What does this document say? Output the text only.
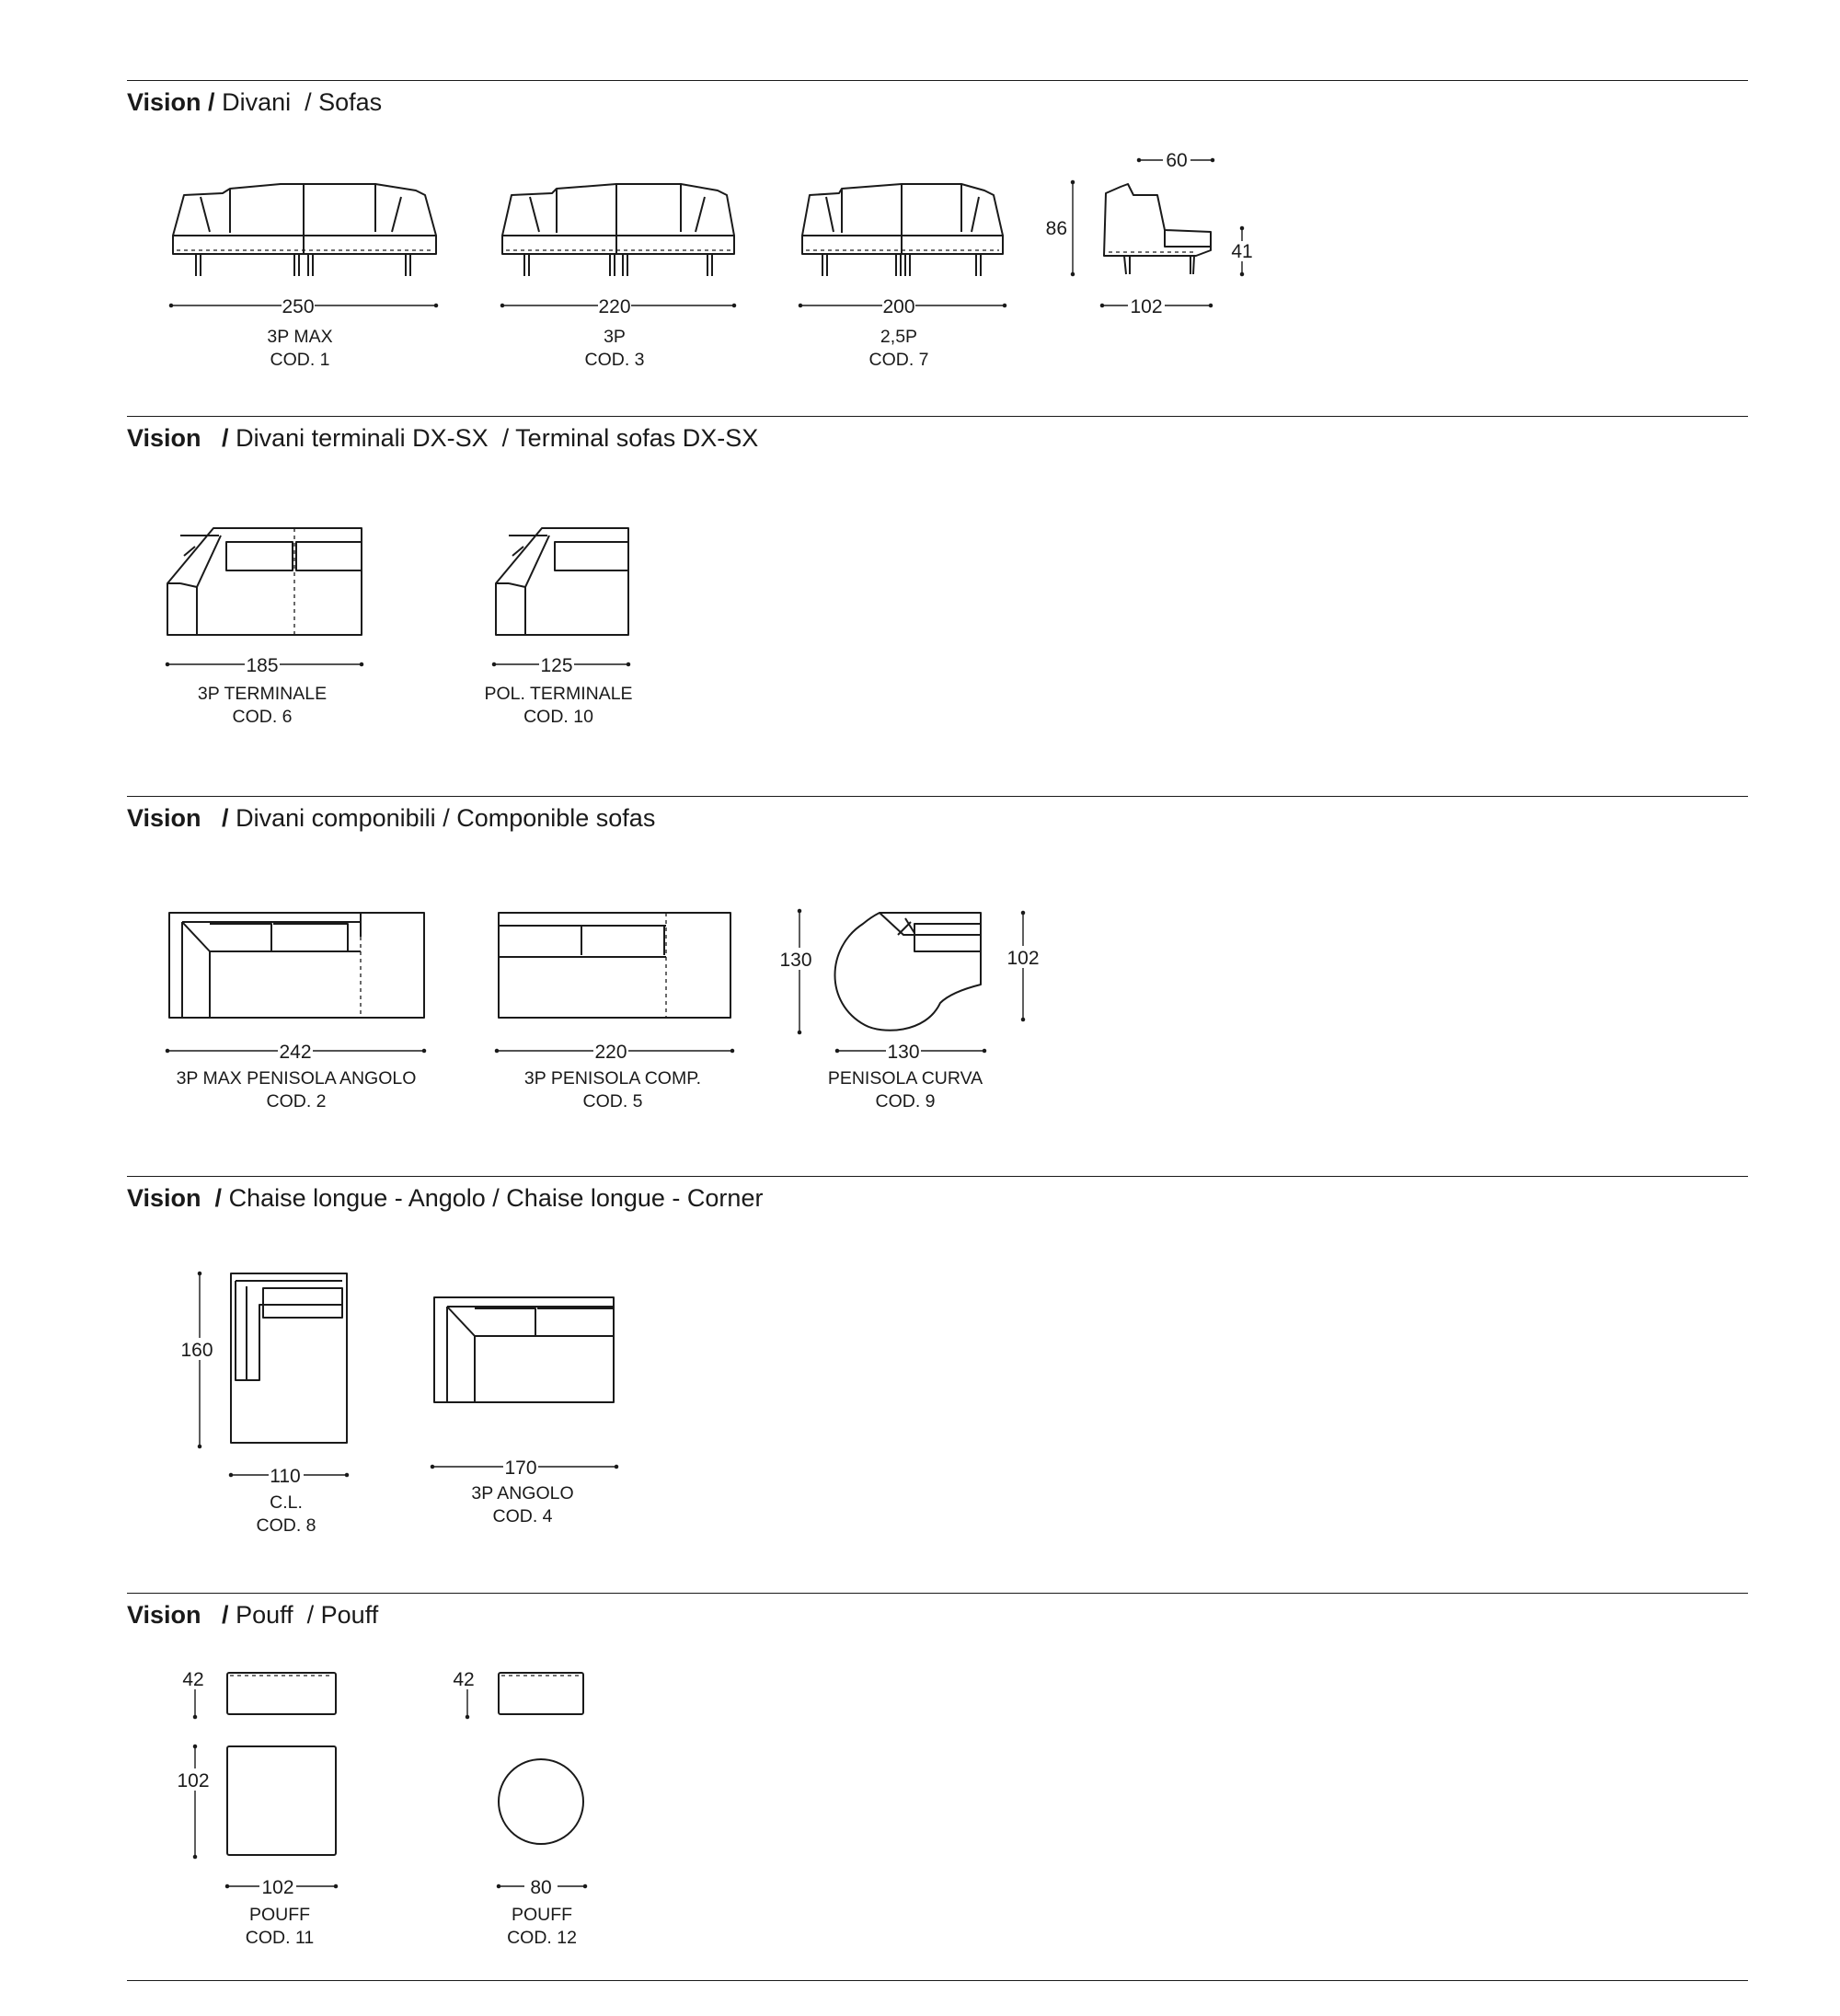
Vision / Divani / Sofas
Vision / Divani terminali DX-SX / Terminal sofas DX-SX
Vision / Divani componibili / Componible sofas
Vision / Chaise longue - Angolo / Chaise longue - Corner
Vision / Pouff / Pouff
250	220	200
60
86
41
102
185	125
242	220
130	102
130
160
110	170
42
102
102
42
80
3P MAX
COD. 1
3P
COD. 3
2,5P
COD. 7
3P TERMINALE
COD. 6
POL. TERMINALE
COD. 10
3P MAX PENISOLA ANGOLO
COD. 2
3P PENISOLA COMP.
COD. 5
PENISOLA CURVA
COD. 9
C.L.
COD. 8
3P ANGOLO
COD. 4
POUFF
COD. 11
POUFF
COD. 12
